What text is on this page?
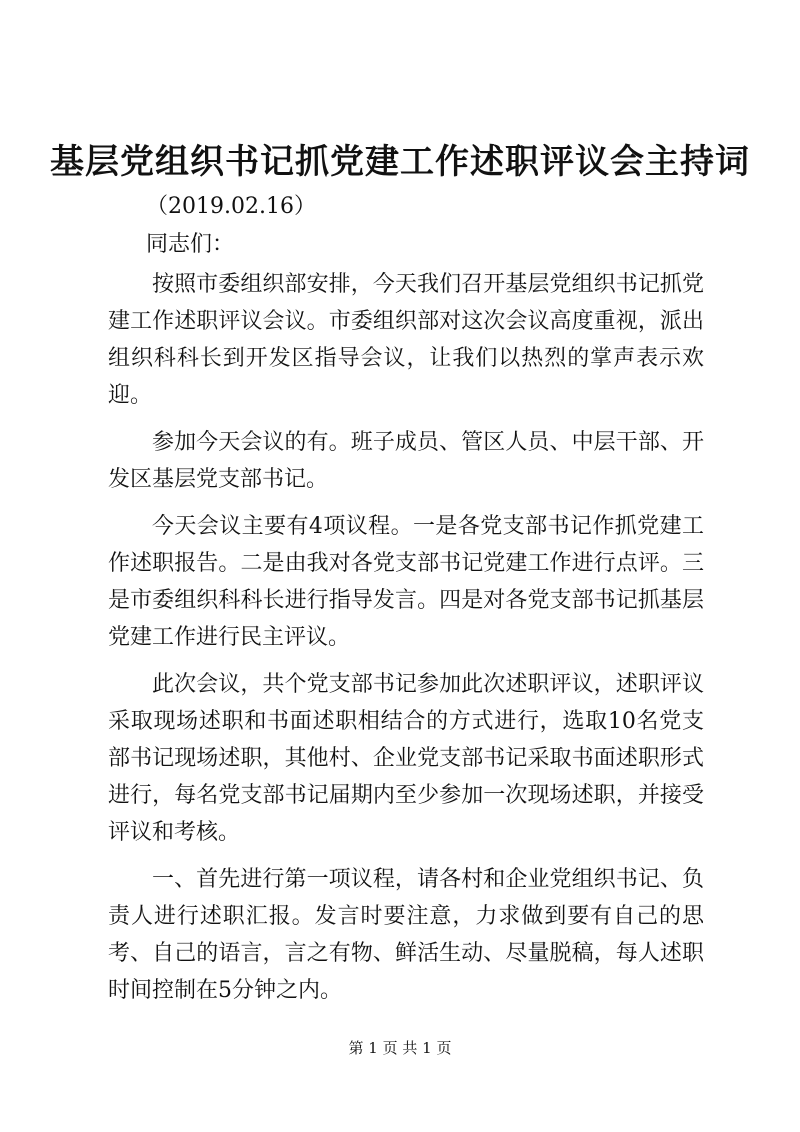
基层党组织书记抓党建工作述职评议会主持词
（2019.02.16）
同志们：

按照市委组织部安排，今天我们召开基层党组织书记抓党建工作述职评议会议。市委组织部对这次会议高度重视，派出组织科科长到开发区指导会议，让我们以热烈的掌声表示欢迎。

参加今天会议的有。班子成员、管区人员、中层干部、开发区基层党支部书记。

今天会议主要有4项议程。一是各党支部书记作抓党建工作述职报告。二是由我对各党支部书记党建工作进行点评。三是市委组织科科长进行指导发言。四是对各党支部书记抓基层党建工作进行民主评议。

此次会议，共个党支部书记参加此次述职评议，述职评议采取现场述职和书面述职相结合的方式进行，选取10名党支部书记现场述职，其他村、企业党支部书记采取书面述职形式进行，每名党支部书记届期内至少参加一次现场述职，并接受评议和考核。

一、首先进行第一项议程，请各村和企业党组织书记、负责人进行述职汇报。发言时要注意，力求做到要有自己的思考、自己的语言，言之有物、鲜活生动、尽量脱稿，每人述职时间控制在5分钟之内。

第 1 页 共 1 页
